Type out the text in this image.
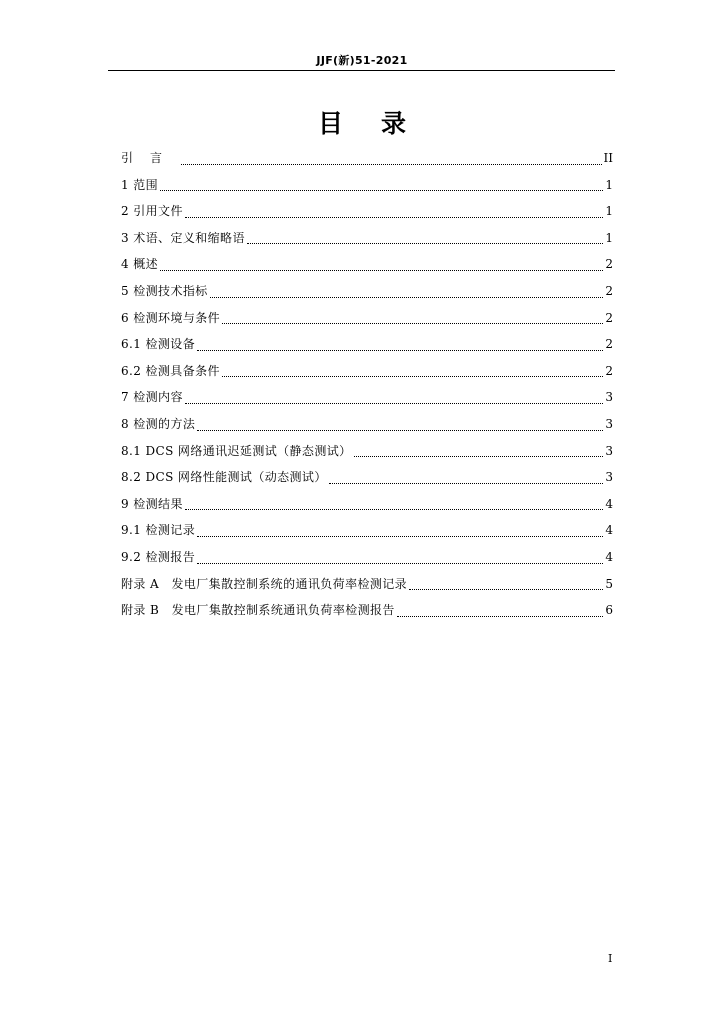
JJF(新)51-2021
目录
引言	II
1 范围	1
2 引用文件	1
3 术语、定义和缩略语	1
4 概述	2
5 检测技术指标	2
6 检测环境与条件	2
6.1 检测设备	2
6.2 检测具备条件	2
7 检测内容	3
8 检测的方法	3
8.1 DCS 网络通讯迟延测试（静态测试）	3
8.2 DCS 网络性能测试（动态测试）	3
9 检测结果	4
9.1 检测记录	4
9.2 检测报告	4
附录 A　发电厂集散控制系统的通讯负荷率检测记录	5
附录 B　发电厂集散控制系统通讯负荷率检测报告	6
I
